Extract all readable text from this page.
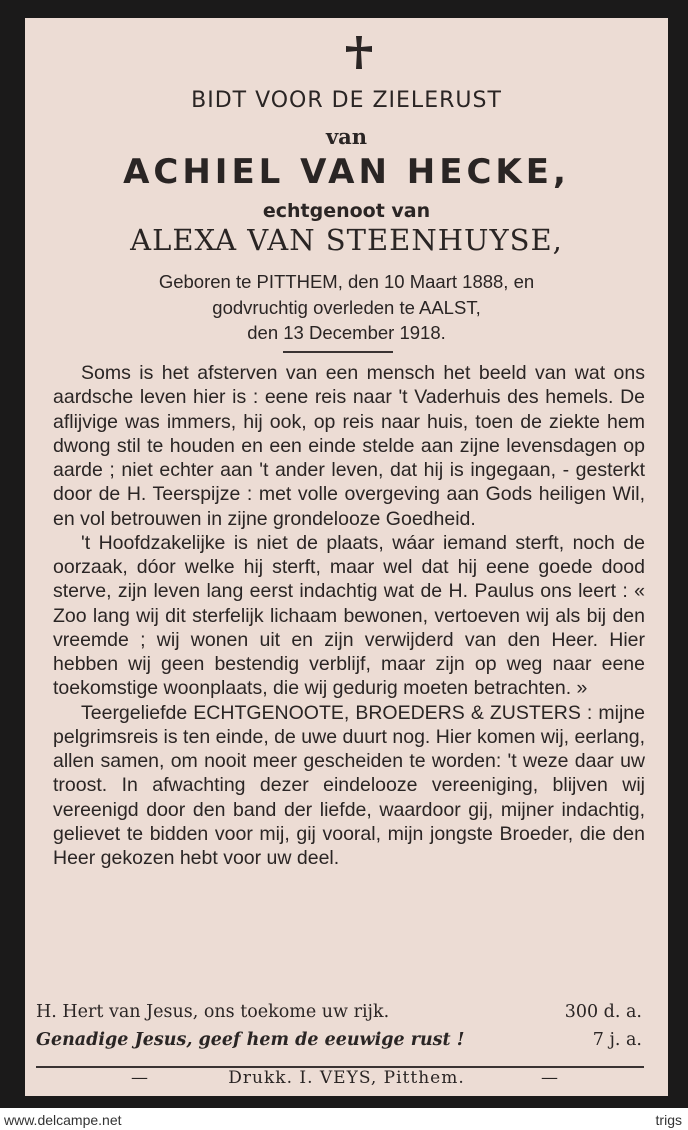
BIDT VOOR DE ZIELERUST
van
ACHIEL VAN HECKE,
echtgenoot van
ALEXA VAN STEENHUYSE,
Geboren te PITTHEM, den 10 Maart 1888, en
godvruchtig overleden te AALST,
den 13 December 1918.

Soms is het afsterven van een mensch het beeld van wat ons aardsche leven hier is : eene reis naar 't Vaderhuis des hemels. De aflijvige was immers, hij ook, op reis naar huis, toen de ziekte hem dwong stil te houden en een einde stelde aan zijne levensdagen op aarde ; niet echter aan 't ander leven, dat hij is ingegaan, - gesterkt door de H. Teerspijze : met volle overgeving aan Gods heiligen Wil, en vol betrouwen in zijne grondelooze Goedheid.

't Hoofdzakelijke is niet de plaats, wáar iemand sterft, noch de oorzaak, dóor welke hij sterft, maar wel dat hij eene goede dood sterve, zijn leven lang eerst indachtig wat de H. Paulus ons leert : « Zoo lang wij dit sterfelijk lichaam bewonen, vertoeven wij als bij den vreemde ; wij wonen uit en zijn verwijderd van den Heer. Hier hebben wij geen bestendig verblijf, maar zijn op weg naar eene toekomstige woonplaats, die wij gedurig moeten betrachten. »

Teergeliefde ECHTGENOOTE, BROEDERS & ZUSTERS : mijne pelgrimsreis is ten einde, de uwe duurt nog. Hier komen wij, eerlang, allen samen, om nooit meer gescheiden te worden: 't weze daar uw troost. In afwachting dezer eindelooze vereeniging, blijven wij vereenigd door den band der liefde, waardoor gij, mijner indachtig, gelievet te bidden voor mij, gij vooral, mijn jongste Broeder, die den Heer gekozen hebt voor uw deel.

H. Hert van Jesus, ons toekome uw rijk.	300 d. a.
Genadige Jesus, geef hem de eeuwige rust !	7 j. a.
—	Drukk. I. VEYS, Pitthem.	—
www.delcampe.net	trigs
